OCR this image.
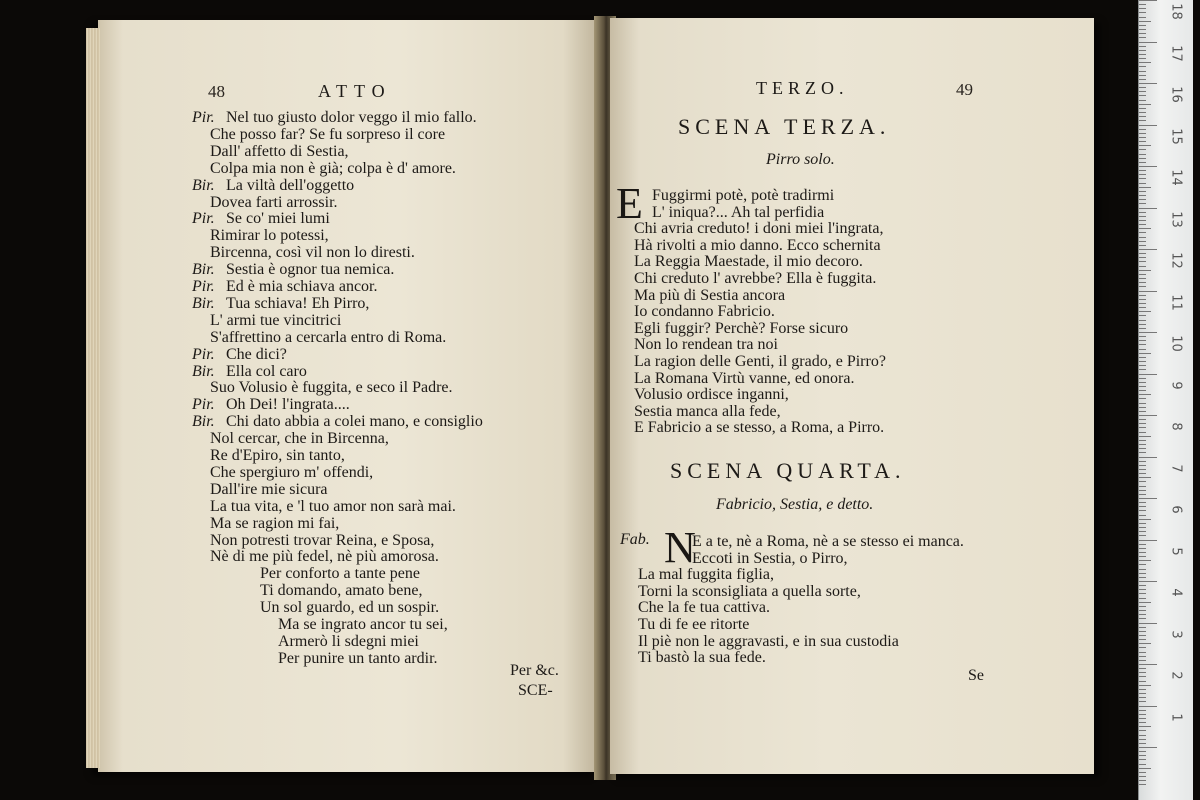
48	ATTO
Pir. Nel tuo giusto dolor veggo il mio fallo.
Che posso far? Se fu sorpreso il core
Dall' affetto di Sestia,
Colpa mia non è già; colpa è d' amore.
Bir. La viltà dell'oggetto
Dovea farti arrossir.
Pir. Se co' miei lumi
Rimirar lo potessi,
Bircenna, così vil non lo diresti.
Bir. Sestia è ognor tua nemica.
Pir. Ed è mia schiava ancor.
Bir. Tua schiava! Eh Pirro,
L' armi tue vincitrici
S'affrettino a cercarla entro di Roma.
Pir. Che dici?
Bir. Ella col caro
Suo Volusio è fuggita, e seco il Padre.
Pir. Oh Dei! l'ingrata....
Bir. Chi dato abbia a colei mano, e consiglio
Nol cercar, che in Bircenna,
Re d'Epiro, sin tanto,
Che spergiuro m' offendi,
Dall'ire mie sicura
La tua vita, e 'l tuo amor non sarà mai.
Ma se ragion mi fai,
Non potresti trovar Reina, e Sposa,
Nè di me più fedel, nè più amorosa.
Per conforto a tante pene
Ti domando, amato bene,
Un sol guardo, ed un sospir.
Ma se ingrato ancor tu sei,
Armerò li sdegni miei
Per punire un tanto ardir.
Per &c.
SCE-
TERZO.	49
SCENA TERZA.
Pirro solo.
E Fuggirmi potè, potè tradirmi
L' iniqua?... Ah tal perfidia
Chi avria creduto! i doni miei l'ingrata,
Hà rivolti a mio danno. Ecco schernita
La Reggia Maestade, il mio decoro.
Chi creduto l' avrebbe? Ella è fuggita.
Ma più di Sestia ancora
Io condanno Fabricio.
Egli fuggir? Perchè? Forse sicuro
Non lo rendean tra noi
La ragion delle Genti, il grado, e Pirro?
La Romana Virtù vanne, ed onora.
Volusio ordisce inganni,
Sestia manca alla fede,
E Fabricio a se stesso, a Roma, a Pirro.
SCENA QUARTA.
Fabricio, Sestia, e detto.
Fab. N
E a te, nè a Roma, nè a se stesso ei manca.
Eccoti in Sestia, o Pirro,
La mal fuggita figlia,
Torni la sconsigliata a quella sorte,
Che la fe tua cattiva.
Tu di fe ee ritorte
Il piè non le aggravasti, e in sua custodia
Ti bastò la sua fede.
Se
18
17
16
15
14
13
12
11
10
9
8
7
6
5
4
3
2
1
